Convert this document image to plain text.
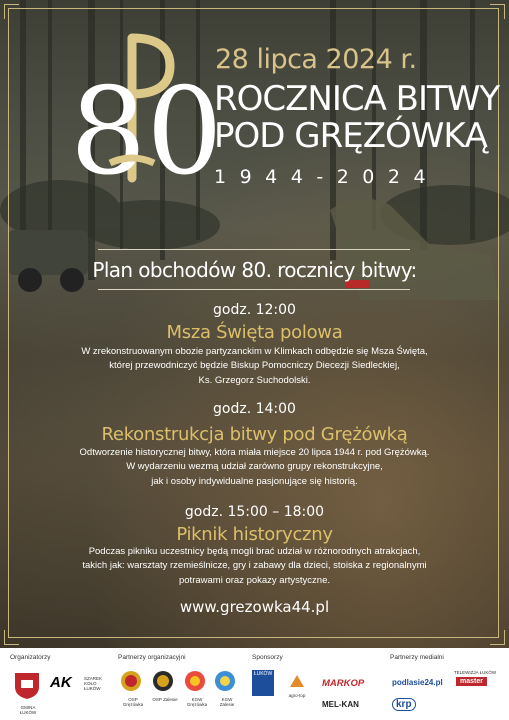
80
28 lipca 2024 r.
ROCZNICA BITWY
POD GRĘZÓWKĄ
1944-2024
Plan obchodów 80. rocznicy bitwy:
godz. 12:00
Msza Święta polowa
W zrekonstruowanym obozie partyzanckim w Klimkach odbędzie się Msza Święta,
której przewodniczyć będzie Biskup Pomocniczy Diecezji Siedleckiej,
Ks. Grzegorz Suchodolski.
godz. 14:00
Rekonstrukcja bitwy pod Grężówką
Odtworzenie historycznej bitwy, która miała miejsce 20 lipca 1944 r. pod Grężówką.
W wydarzeniu wezmą udział zarówno grupy rekonstrukcyjne,
jak i osoby indywidualne pasjonujące się historią.
godz. 15:00 – 18:00
Piknik historyczny
Podczas pikniku uczestnicy będą mogli brać udział w różnorodnych atrakcjach,
takich jak: warsztaty rzemieślnicze, gry i zabawy dla dzieci, stoiska z regionalnymi
potrawami oraz pokazy artystyczne.
www.grezowka44.pl
Organizatorzy	Partnerzy organizacyjni	Sponsorzy	Partnerzy medialni
GMINA ŁUKÓW
AK	SZAREK KOŁO ŁUKÓW
OSP Gręzówka
OSP Zalesie	KGW Gręzówka
KGW Zalesie
ŁUKÓW
agro-top
MARKOP
MEL-KAN
podlasie24.pl
TELEWIZJA ŁUKÓW
master
krp
